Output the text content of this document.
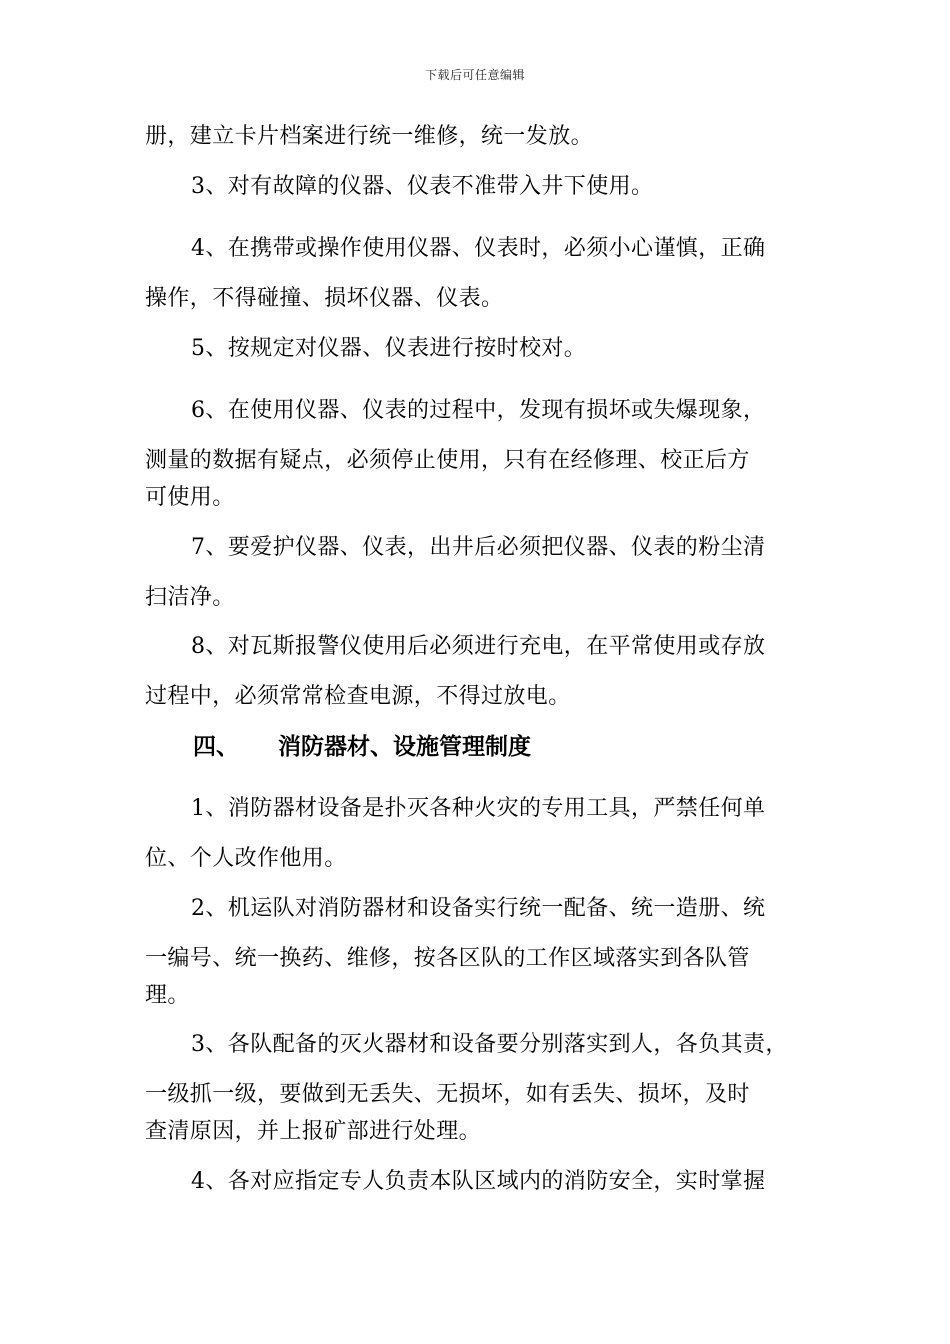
下载后可任意编辑
册，建立卡片档案进行统一维修，统一发放。
3、对有故障的仪器、仪表不准带入井下使用。
4、在携带或操作使用仪器、仪表时，必须小心谨慎，正确
操作，不得碰撞、损坏仪器、仪表。
5、按规定对仪器、仪表进行按时校对。
6、在使用仪器、仪表的过程中，发现有损坏或失爆现象，
测量的数据有疑点，必须停止使用，只有在经修理、校正后方
可使用。
7、要爱护仪器、仪表，出井后必须把仪器、仪表的粉尘清
扫洁净。
8、对瓦斯报警仪使用后必须进行充电，在平常使用或存放
过程中，必须常常检查电源，不得过放电。
四、 消防器材、设施管理制度
1、消防器材设备是扑灭各种火灾的专用工具，严禁任何单
位、个人改作他用。
2、机运队对消防器材和设备实行统一配备、统一造册、统
一编号、统一换药、维修，按各区队的工作区域落实到各队管
理。
3、各队配备的灭火器材和设备要分别落实到人，各负其责，
一级抓一级，要做到无丢失、无损坏，如有丢失、损坏，及时
查清原因，并上报矿部进行处理。
4、各对应指定专人负责本队区域内的消防安全，实时掌握
